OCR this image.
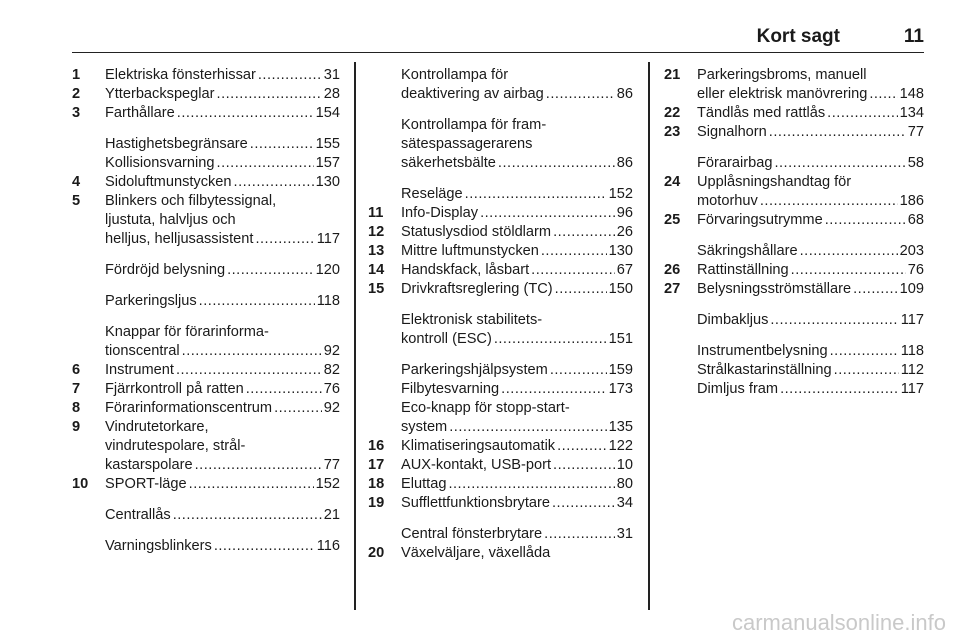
Kort sagt	11
1 Elektriska fönsterhissar .....	31
2 Ytterbackspeglar .....	28
3 Farthållare .....	154
Hastighetsbegränsare .....	155
Kollisionsvarning .....	157
4 Sidoluftmunstycken .....	130
5 Blinkers och filbytessignal,
ljustuta, halvljus och
helljus, helljusassistent .....	117
Fördröjd belysning .....	120
Parkeringsljus .....	118
Knappar för förarinforma-
tionscentral .....	92
6 Instrument .....	82
7 Fjärrkontroll på ratten .....	76
8 Förarinformationscentrum .....	92
9 Vindrutetorkare,
vindrutespolare, strål-
kastarspolare .....	77
10 SPORT-läge .....	152
Centrallås .....	21
Varningsblinkers .....	116
Kontrollampa för
deaktivering av airbag .....	86
Kontrollampa för fram-
sätespassagerarens
säkerhetsbälte .....	86
Reseläge .....	152
11 Info-Display .....	96
12 Statuslysdiod stöldlarm .....	26
13 Mittre luftmunstycken .....	130
14 Handskfack, låsbart .....	67
15 Drivkraftsreglering (TC) .....	150
Elektronisk stabilitets-
kontroll (ESC) .....	151
Parkeringshjälpsystem .....	159
Filbytesvarning .....	173
Eco-knapp för stopp-start-
system .....	135
16 Klimatiseringsautomatik .....	122
17 AUX-kontakt, USB-port .....	10
18 Eluttag .....	80
19 Sufflettfunktionsbrytare .....	34
Central fönsterbrytare .....	31
20 Växelväljare, växellåda
21 Parkeringsbroms, manuell
eller elektrisk manövrering ..... 148
22 Tändlås med rattlås .....	134
23 Signalhorn .....	77
Förarairbag .....	58
24 Upplåsningshandtag för
motorhuv .....	186
25 Förvaringsutrymme .....	68
Säkringshållare .....	203
26 Rattinställning .....	76
27 Belysningsströmställare .....	109
Dimbakljus .....	117
Instrumentbelysning .....	118
Strålkastarinställning .....	112
Dimljus fram .....	117
carmanualsonline.info
